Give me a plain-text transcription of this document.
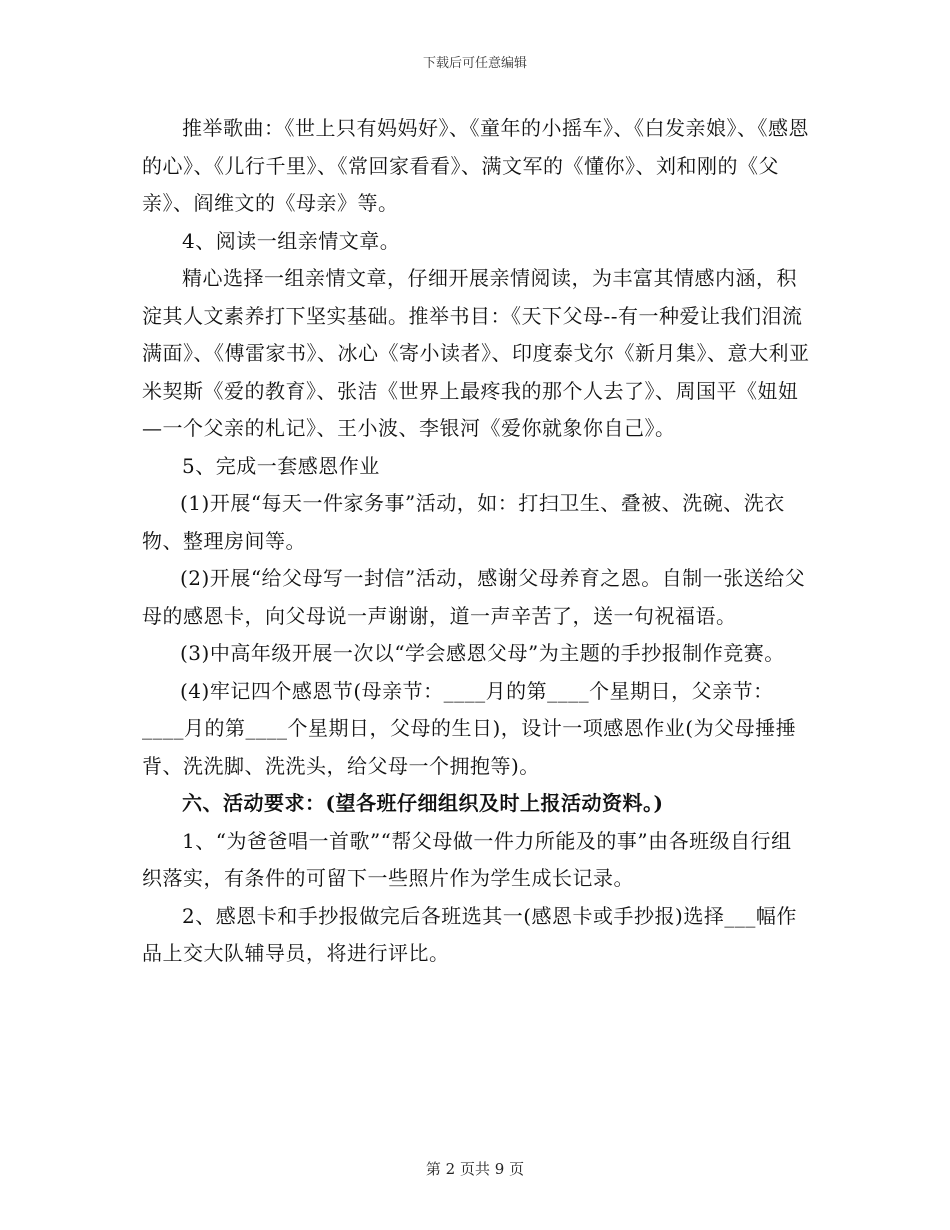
下载后可任意编辑

推举歌曲：《世上只有妈妈好》、《童年的小摇车》、《白发亲娘》、《感恩的心》、《儿行千里》、《常回家看看》、满文军的《懂你》、刘和刚的《父亲》、阎维文的《母亲》等。

4、阅读一组亲情文章。

精心选择一组亲情文章，仔细开展亲情阅读，为丰富其情感内涵，积淀其人文素养打下坚实基础。推举书目：《天下父母--有一种爱让我们泪流满面》、《傅雷家书》、冰心《寄小读者》、印度泰戈尔《新月集》、意大利亚米契斯《爱的教育》、张洁《世界上最疼我的那个人去了》、周国平《妞妞—一个父亲的札记》、王小波、李银河《爱你就象你自己》。

5、完成一套感恩作业

(1)开展“每天一件家务事”活动，如：打扫卫生、叠被、洗碗、洗衣物、整理房间等。

(2)开展“给父母写一封信”活动，感谢父母养育之恩。自制一张送给父母的感恩卡，向父母说一声谢谢，道一声辛苦了，送一句祝福语。

(3)中高年级开展一次以“学会感恩父母”为主题的手抄报制作竞赛。

(4)牢记四个感恩节(母亲节：____月的第____个星期日，父亲节：____月的第____个星期日，父母的生日)，设计一项感恩作业(为父母捶捶背、洗洗脚、洗洗头，给父母一个拥抱等)。

六、活动要求：(望各班仔细组织及时上报活动资料。)

1、“为爸爸唱一首歌”“帮父母做一件力所能及的事”由各班级自行组织落实，有条件的可留下一些照片作为学生成长记录。

2、感恩卡和手抄报做完后各班选其一(感恩卡或手抄报)选择___幅作品上交大队辅导员，将进行评比。

第 2 页共 9 页
